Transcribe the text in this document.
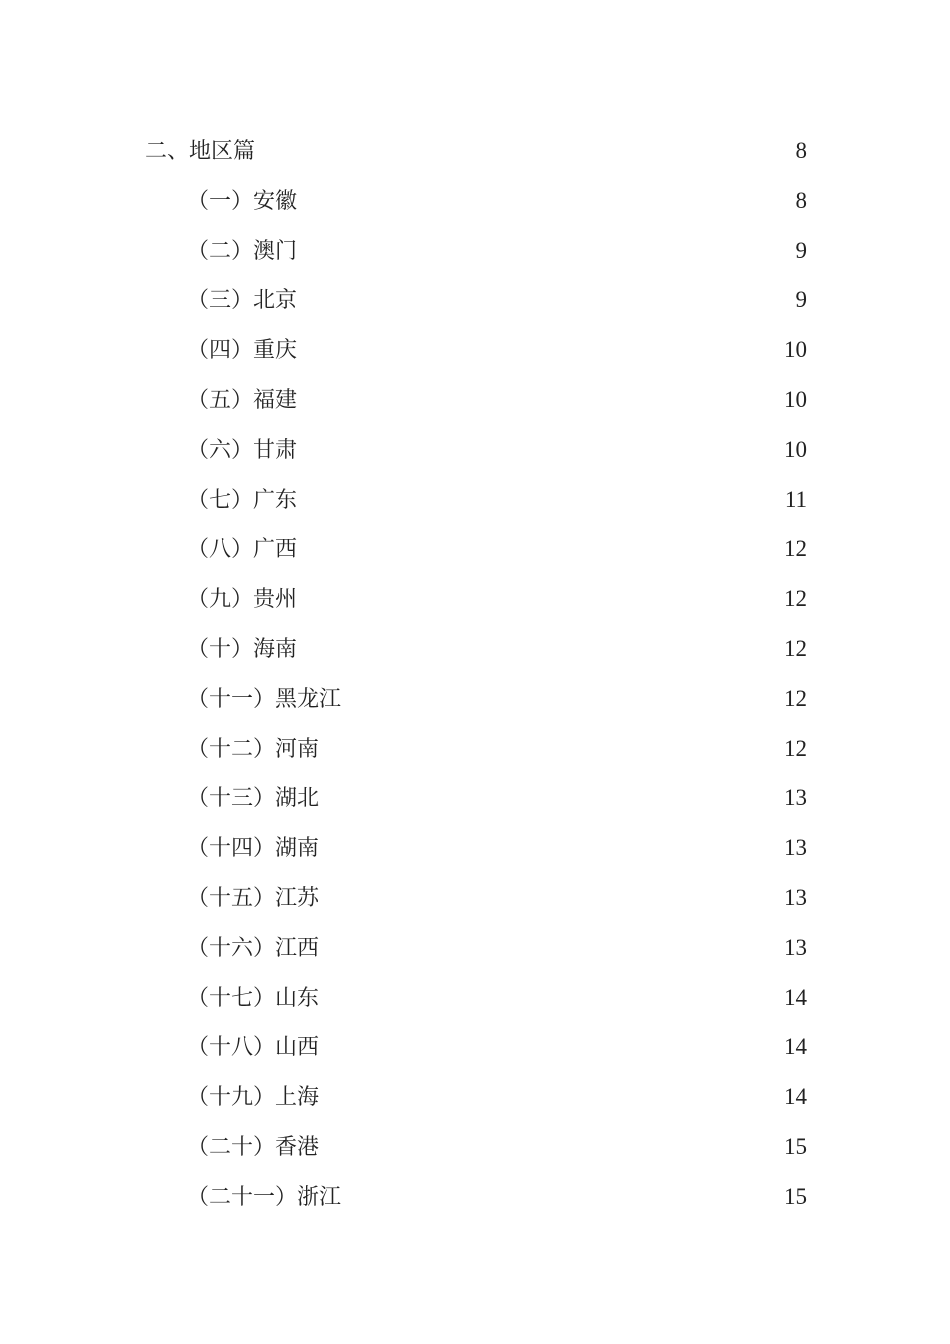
二、地区篇	8
（一）安徽	8
（二）澳门	9
（三）北京	9
（四）重庆	10
（五）福建	10
（六）甘肃	10
（七）广东	11
（八）广西	12
（九）贵州	12
（十）海南	12
（十一）黑龙江	12
（十二）河南	12
（十三）湖北	13
（十四）湖南	13
（十五）江苏	13
（十六）江西	13
（十七）山东	14
（十八）山西	14
（十九）上海	14
（二十）香港	15
（二十一）浙江	15
